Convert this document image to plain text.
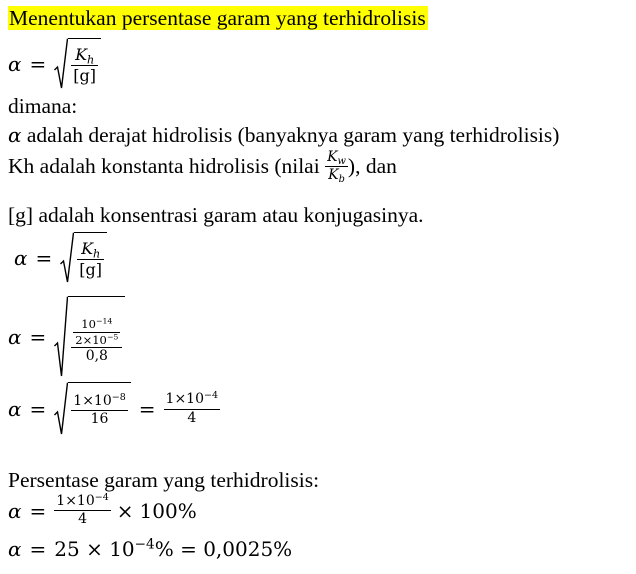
Menentukan persentase garam yang terhidrolisis
$\alpha = \frac{K_h}{[g]}$
dimana:
α adalah derajat hidrolisis (banyaknya garam yang terhidrolisis)
Kh adalah konstanta hidrolisis (nilai $\frac{K_w}{K_b}$ ), dan
[g] adalah konsentrasi garam atau konjugasinya.
$\alpha = \frac{K_h}{[g]}$
$\alpha = \frac{\frac{10^{-14}}{2\times 10^{-5}}}{0,8}$
$\alpha = \frac{1\times 10^{-8}}{16} = \frac{1\times 10^{-4}}{4}$
Persentase garam yang terhidrolisis:
$\alpha = \frac{1\times 10^{-4}}{4} \times 100\%$
$\alpha = 25 \times 10^{-4}\% = 0,0025\%$
